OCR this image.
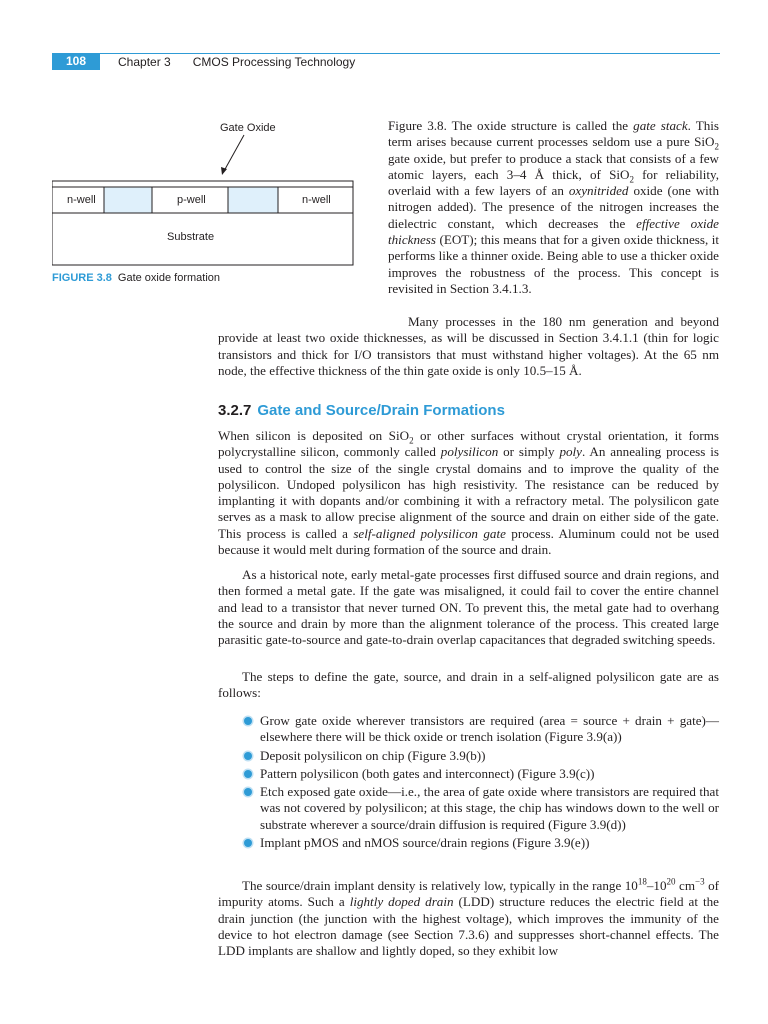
108	Chapter 3 CMOS Processing Technology
Gate Oxide
n-well	p-well	n-well
Substrate
FIGURE 3.8 Gate oxide formation

Figure 3.8. The oxide structure is called the gate stack. This term arises because current processes seldom use a pure SiO$_2$ gate oxide, but prefer to produce a stack that consists of a few atomic layers, each 3–4 Å thick, of SiO$_2$ for reliability, overlaid with a few layers of an oxynitrided oxide (one with nitrogen added). The presence of the nitrogen increases the dielectric constant, which decreases the effective oxide thickness (EOT); this means that for a given oxide thickness, it performs like a thinner oxide. Being able to use a thicker oxide improves the robustness of the process. This concept is revisited in Section 3.4.1.3.

Many processes in the 180 nm generation and beyond provide at least two oxide thicknesses, as will be discussed in Section 3.4.1.1 (thin for logic transistors and thick for I/O transistors that must withstand higher voltages). At the 65 nm node, the effective thickness of the thin gate oxide is only 10.5–15 Å.

3.2.7 Gate and Source/Drain Formations

When silicon is deposited on SiO$_2$ or other surfaces without crystal orientation, it forms polycrystalline silicon, commonly called polysilicon or simply poly. An annealing process is used to control the size of the single crystal domains and to improve the quality of the polysilicon. Undoped polysilicon has high resistivity. The resistance can be reduced by implanting it with dopants and/or combining it with a refractory metal. The polysilicon gate serves as a mask to allow precise alignment of the source and drain on either side of the gate. This process is called a self-aligned polysilicon gate process. Aluminum could not be used because it would melt during formation of the source and drain.

As a historical note, early metal-gate processes first diffused source and drain regions, and then formed a metal gate. If the gate was misaligned, it could fail to cover the entire channel and lead to a transistor that never turned ON. To prevent this, the metal gate had to overhang the source and drain by more than the alignment tolerance of the process. This created large parasitic gate-to-source and gate-to-drain overlap capacitances that degraded switching speeds.

The steps to define the gate, source, and drain in a self-aligned polysilicon gate are as follows:

Grow gate oxide wherever transistors are required (area = source + drain + gate)—elsewhere there will be thick oxide or trench isolation (Figure 3.9(a))
Deposit polysilicon on chip (Figure 3.9(b))
Pattern polysilicon (both gates and interconnect) (Figure 3.9(c))
Etch exposed gate oxide—i.e., the area of gate oxide where transistors are required that was not covered by polysilicon; at this stage, the chip has windows down to the well or substrate wherever a source/drain diffusion is required (Figure 3.9(d))
Implant pMOS and nMOS source/drain regions (Figure 3.9(e))

The source/drain implant density is relatively low, typically in the range $10^{18}-10^{20}$ $cm^{-3}$ of impurity atoms. Such a lightly doped drain (LDD) structure reduces the electric field at the drain junction (the junction with the highest voltage), which improves the immunity of the device to hot electron damage (see Section 7.3.6) and suppresses short-channel effects. The LDD implants are shallow and lightly doped, so they exhibit low
